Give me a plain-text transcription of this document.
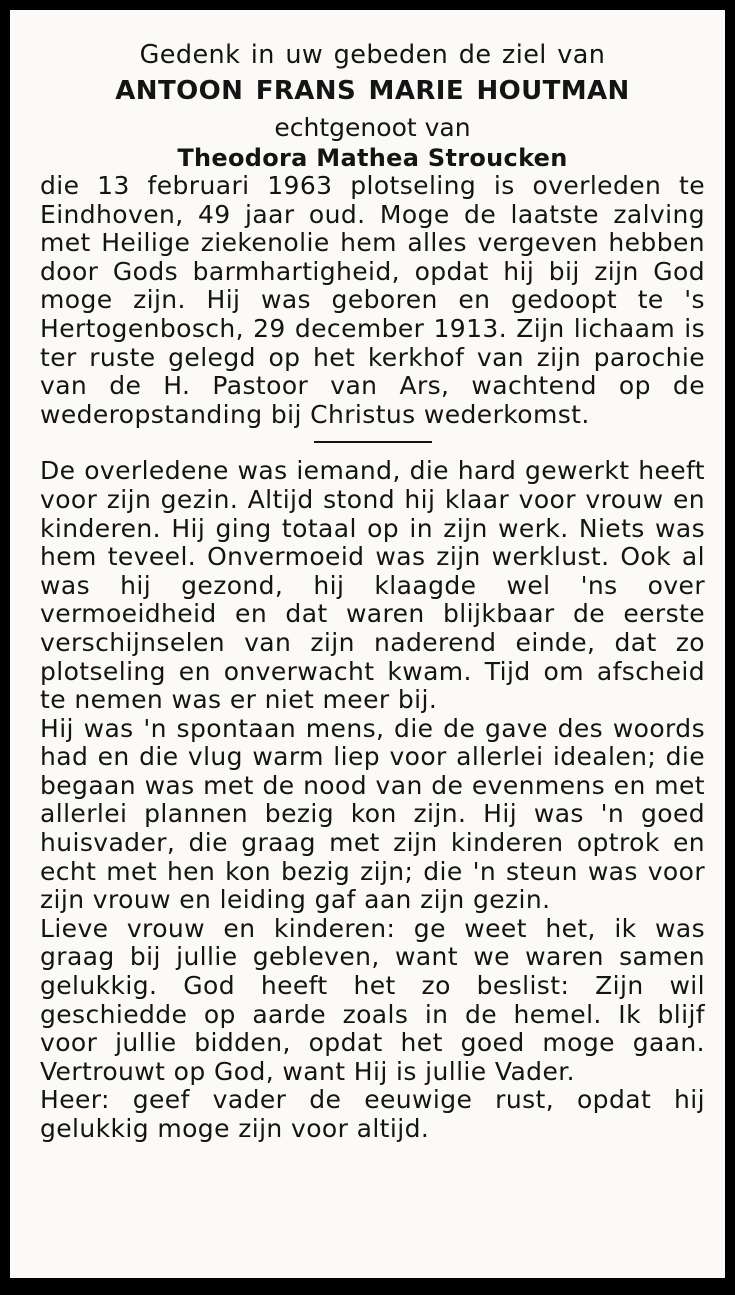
Gedenk in uw gebeden de ziel van
ANTOON FRANS MARIE HOUTMAN
echtgenoot van
Theodora Mathea Stroucken

die 13 februari 1963 plotseling is overleden te Eindhoven, 49 jaar oud. Moge de laatste zalving met Heilige ziekenolie hem alles vergeven hebben door Gods barmhartigheid, opdat hij bij zijn God moge zijn. Hij was geboren en gedoopt te 's Hertogenbosch, 29 december 1913. Zijn lichaam is ter ruste gelegd op het kerkhof van zijn parochie van de H. Pastoor van Ars, wachtend op de wederopstanding bij Christus wederkomst.

De overledene was iemand, die hard gewerkt heeft voor zijn gezin. Altijd stond hij klaar voor vrouw en kinderen. Hij ging totaal op in zijn werk. Niets was hem teveel. Onvermoeid was zijn werklust. Ook al was hij gezond, hij klaagde wel 'ns over vermoeidheid en dat waren blijkbaar de eerste verschijnselen van zijn naderend einde, dat zo plotseling en onverwacht kwam. Tijd om afscheid te nemen was er niet meer bij.

Hij was 'n spontaan mens, die de gave des woords had en die vlug warm liep voor allerlei idealen; die begaan was met de nood van de evenmens en met allerlei plannen bezig kon zijn. Hij was 'n goed huisvader, die graag met zijn kinderen optrok en echt met hen kon bezig zijn; die 'n steun was voor zijn vrouw en leiding gaf aan zijn gezin.

Lieve vrouw en kinderen: ge weet het, ik was graag bij jullie gebleven, want we waren samen gelukkig. God heeft het zo beslist: Zijn wil geschiedde op aarde zoals in de hemel. Ik blijf voor jullie bidden, opdat het goed moge gaan. Vertrouwt op God, want Hij is jullie Vader.

Heer: geef vader de eeuwige rust, opdat hij gelukkig moge zijn voor altijd.
